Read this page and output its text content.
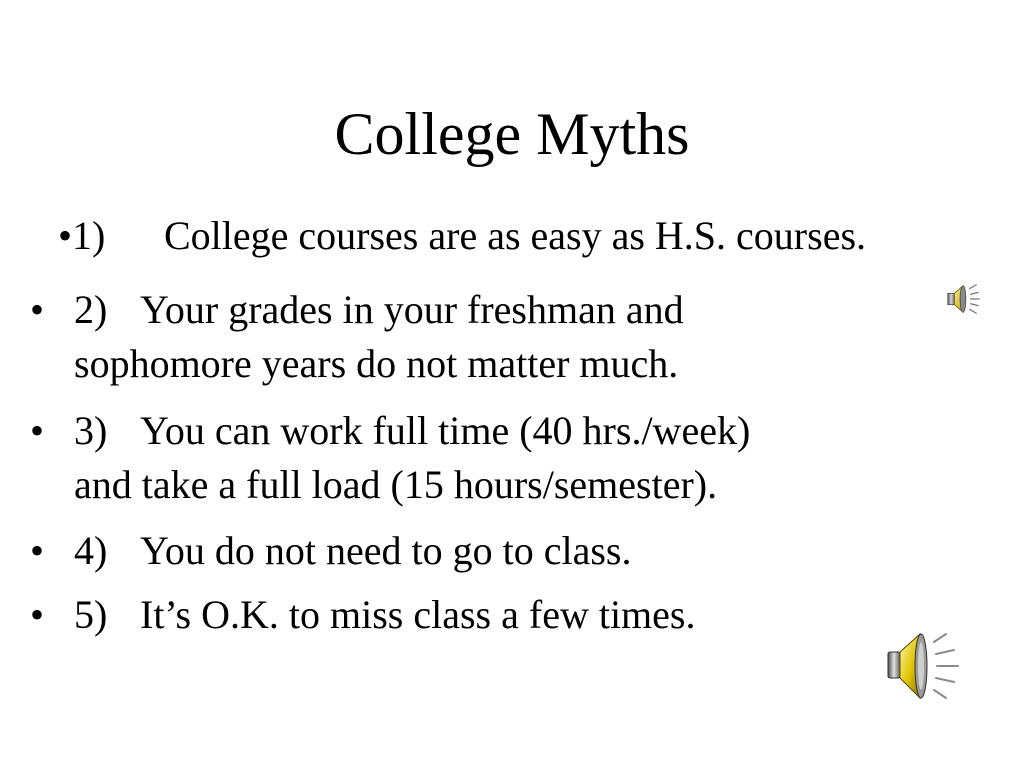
College Myths
•1) College courses are as easy as H.S. courses.
• 2) Your grades in your freshman and
sophomore years do not matter much.
• 3) You can work full time (40 hrs./week)
and take a full load (15 hours/semester).
• 4) You do not need to go to class.
• 5) It’s O.K. to miss class a few times.
